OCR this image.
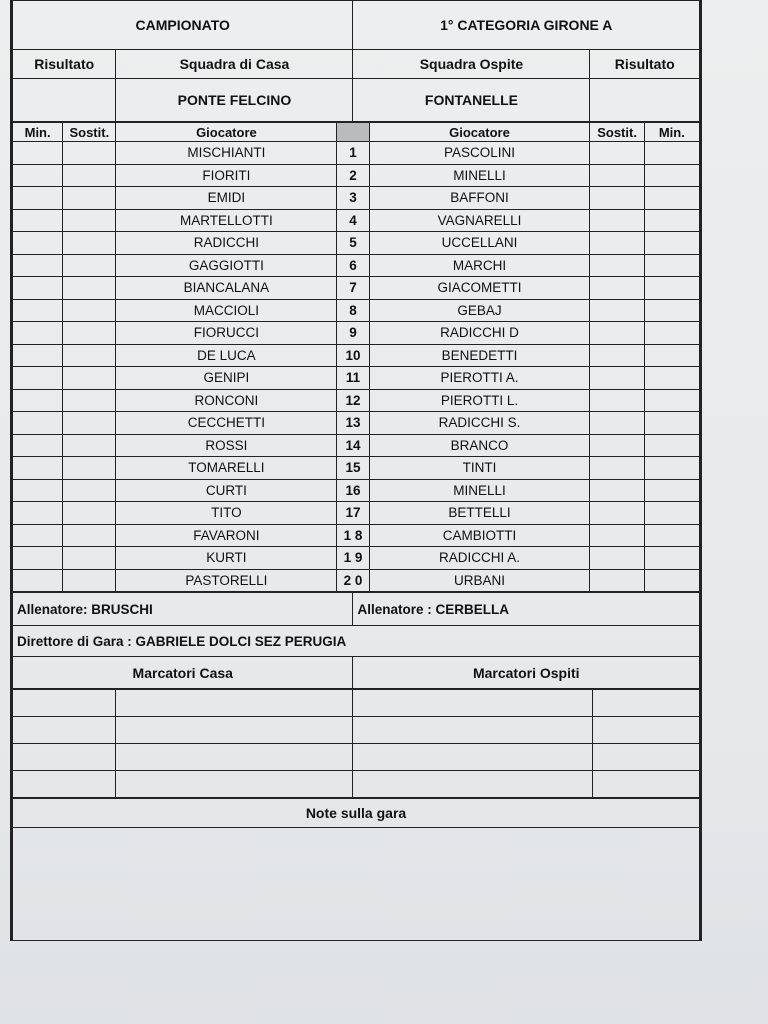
CAMPIONATO		1° CATEGORIA GIRONE A	
Risultato	Squadra di Casa	Squadra Ospite	Risultato
	PONTE FELCINO	FONTANELLE	
Min.	Sostit.	Giocatore		Giocatore	Sostit.	Min.
		MISCHIANTI	1	PASCOLINI		
		FIORITI	2	MINELLI		
		EMIDI	3	BAFFONI		
		MARTELLOTTI	4	VAGNARELLI		
		RADICCHI	5	UCCELLANI		
		GAGGIOTTI	6	MARCHI		
		BIANCALANA	7	GIACOMETTI		
		MACCIOLI	8	GEBAJ		
		FIORUCCI	9	RADICCHI D		
		DE LUCA	10	BENEDETTI		
		GENIPI	11	PIEROTTI A.		
		RONCONI	12	PIEROTTI L.		
		CECCHETTI	13	RADICCHI S.		
		ROSSI	14	BRANCO		
		TOMARELLI	15	TINTI		
		CURTI	16	MINELLI		
		TITO	17	BETTELLI		
		FAVARONI	1 8	CAMBIOTTI		
		KURTI	1 9	RADICCHI A.		
		PASTORELLI	2 0	URBANI		
Allenatore: BRUSCHI	Allenatore : CERBELLA
Direttore di Gara : GABRIELE DOLCI SEZ PERUGIA	
Marcatori Casa	Marcatori Ospiti

Note sulla gara
